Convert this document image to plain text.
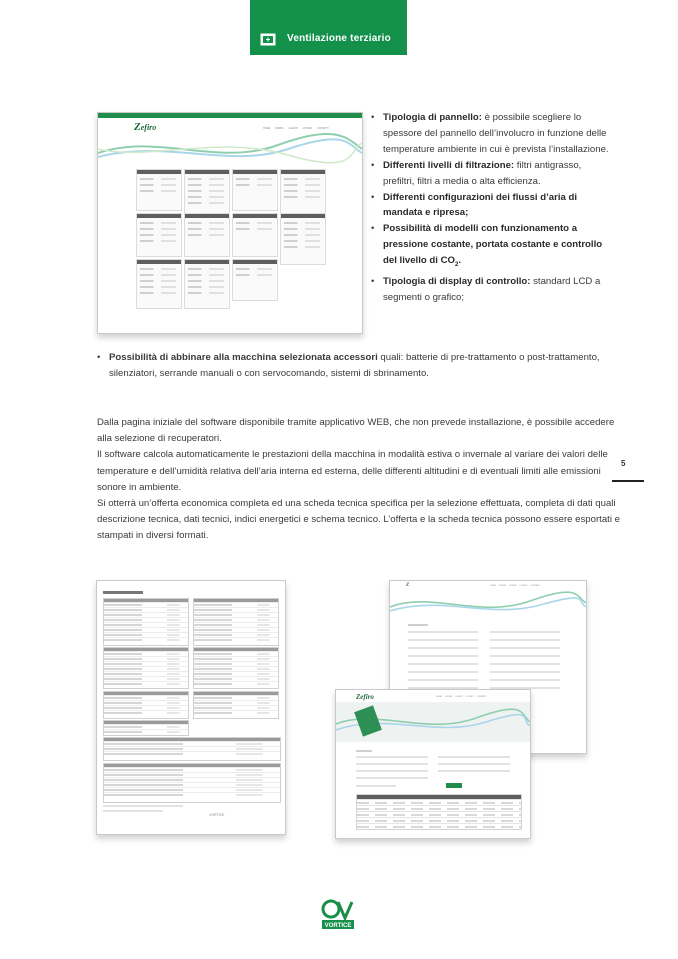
Ventilazione terziario
Zefiro	HOME ORDINI CLIENTI LISTINO CONTATTI
• Tipologia di pannello: è possibile scegliere lo spessore del pannello dell’involucro in funzione delle temperature ambiente in cui è prevista l’installazione.
• Differenti livelli di filtrazione: filtri antigrasso, prefiltri, filtri a media o alta efficienza.
• Differenti configurazioni dei flussi d’aria di mandata e ripresa;
• Possibilità di modelli con funzionamento a pressione costante, portata costante e controllo del livello di $CO_2$.
• Tipologia di display di controllo: standard LCD a segmenti o grafico;

• Possibilità di abbinare alla macchina selezionata accessori quali: batterie di pre-trattamento o post-trattamento, silenziatori, serrande manuali o con servocomando, sistemi di sbrinamento.

Dalla pagina iniziale del software disponibile tramite applicativo WEB, che non prevede installazione, è possibile accedere alla selezione di recuperatori.

Il software calcola automaticamente le prestazioni della macchina in modalità estiva o invernale al variare dei valori delle temperature e dell’umidità relativa dell’aria interna ed esterna, delle differenti altitudini e di eventuali limiti alle emissioni sonore in ambiente.

Si otterrà un’offerta economica completa ed una scheda tecnica specifica per la selezione effettuata, completa di dati quali descrizione tecnica, dati tecnici, indici energetici e schema tecnico. L’offerta e la scheda tecnica possono essere esportati e stampati in diversi formati.

5
VORTICE
Z	HOME ORDINI CLIENTI LISTINO CONTATTI
Zefiro	HOME ORDINI CLIENTI LISTINO CONTATTI
VORTICE
